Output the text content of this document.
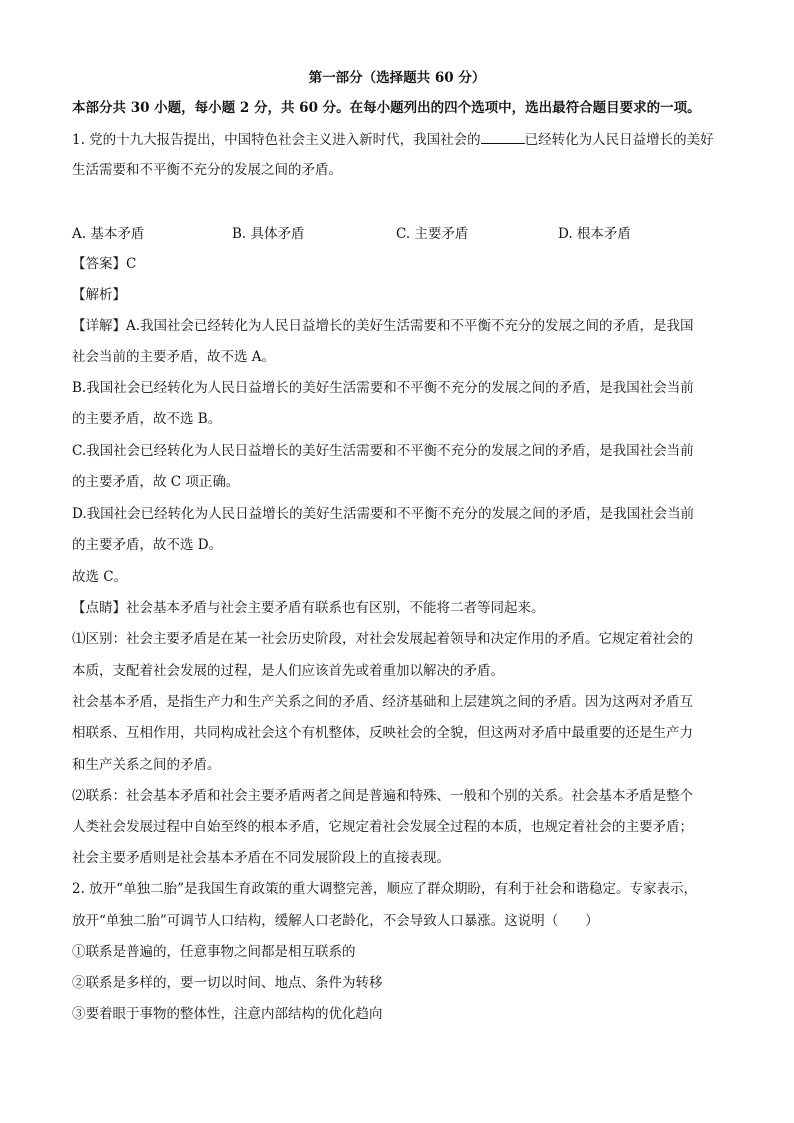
第一部分（选择题共 60 分）
本部分共 30 小题，每小题 2 分，共 60 分。在每小题列出的四个选项中，选出最符合题目要求的一项。
1. 党的十九大报告提出，中国特色社会主义进入新时代，我国社会的	已经转化为人民日益增长的美好
生活需要和不平衡不充分的发展之间的矛盾。
A. 基本矛盾	B. 具体矛盾	C. 主要矛盾	D. 根本矛盾
【答案】C
【解析】
【详解】A.我国社会已经转化为人民日益增长的美好生活需要和不平衡不充分的发展之间的矛盾，是我国
社会当前的主要矛盾，故不选 A。
B.我国社会已经转化为人民日益增长的美好生活需要和不平衡不充分的发展之间的矛盾，是我国社会当前
的主要矛盾，故不选 B。
C.我国社会已经转化为人民日益增长的美好生活需要和不平衡不充分的发展之间的矛盾，是我国社会当前
的主要矛盾，故 C 项正确。
D.我国社会已经转化为人民日益增长的美好生活需要和不平衡不充分的发展之间的矛盾，是我国社会当前
的主要矛盾，故不选 D。
故选 C。
【点睛】社会基本矛盾与社会主要矛盾有联系也有区别，不能将二者等同起来。
⑴区别：社会主要矛盾是在某一社会历史阶段，对社会发展起着领导和决定作用的矛盾。它规定着社会的
本质，支配着社会发展的过程，是人们应该首先或着重加以解决的矛盾。
社会基本矛盾，是指生产力和生产关系之间的矛盾、经济基础和上层建筑之间的矛盾。因为这两对矛盾互
相联系、互相作用，共同构成社会这个有机整体，反映社会的全貌，但这两对矛盾中最重要的还是生产力
和生产关系之间的矛盾。
⑵联系：社会基本矛盾和社会主要矛盾两者之间是普遍和特殊、一般和个别的关系。社会基本矛盾是整个
人类社会发展过程中自始至终的根本矛盾，它规定着社会发展全过程的本质，也规定着社会的主要矛盾；
社会主要矛盾则是社会基本矛盾在不同发展阶段上的直接表现。
2. 放开“单独二胎”是我国生育政策的重大调整完善，顺应了群众期盼，有利于社会和谐稳定。专家表示，
放开“单独二胎”可调节人口结构，缓解人口老龄化，不会导致人口暴涨。这说明（　　）
①联系是普遍的，任意事物之间都是相互联系的
②联系是多样的，要一切以时间、地点、条件为转移
③要着眼于事物的整体性，注意内部结构的优化趋向
